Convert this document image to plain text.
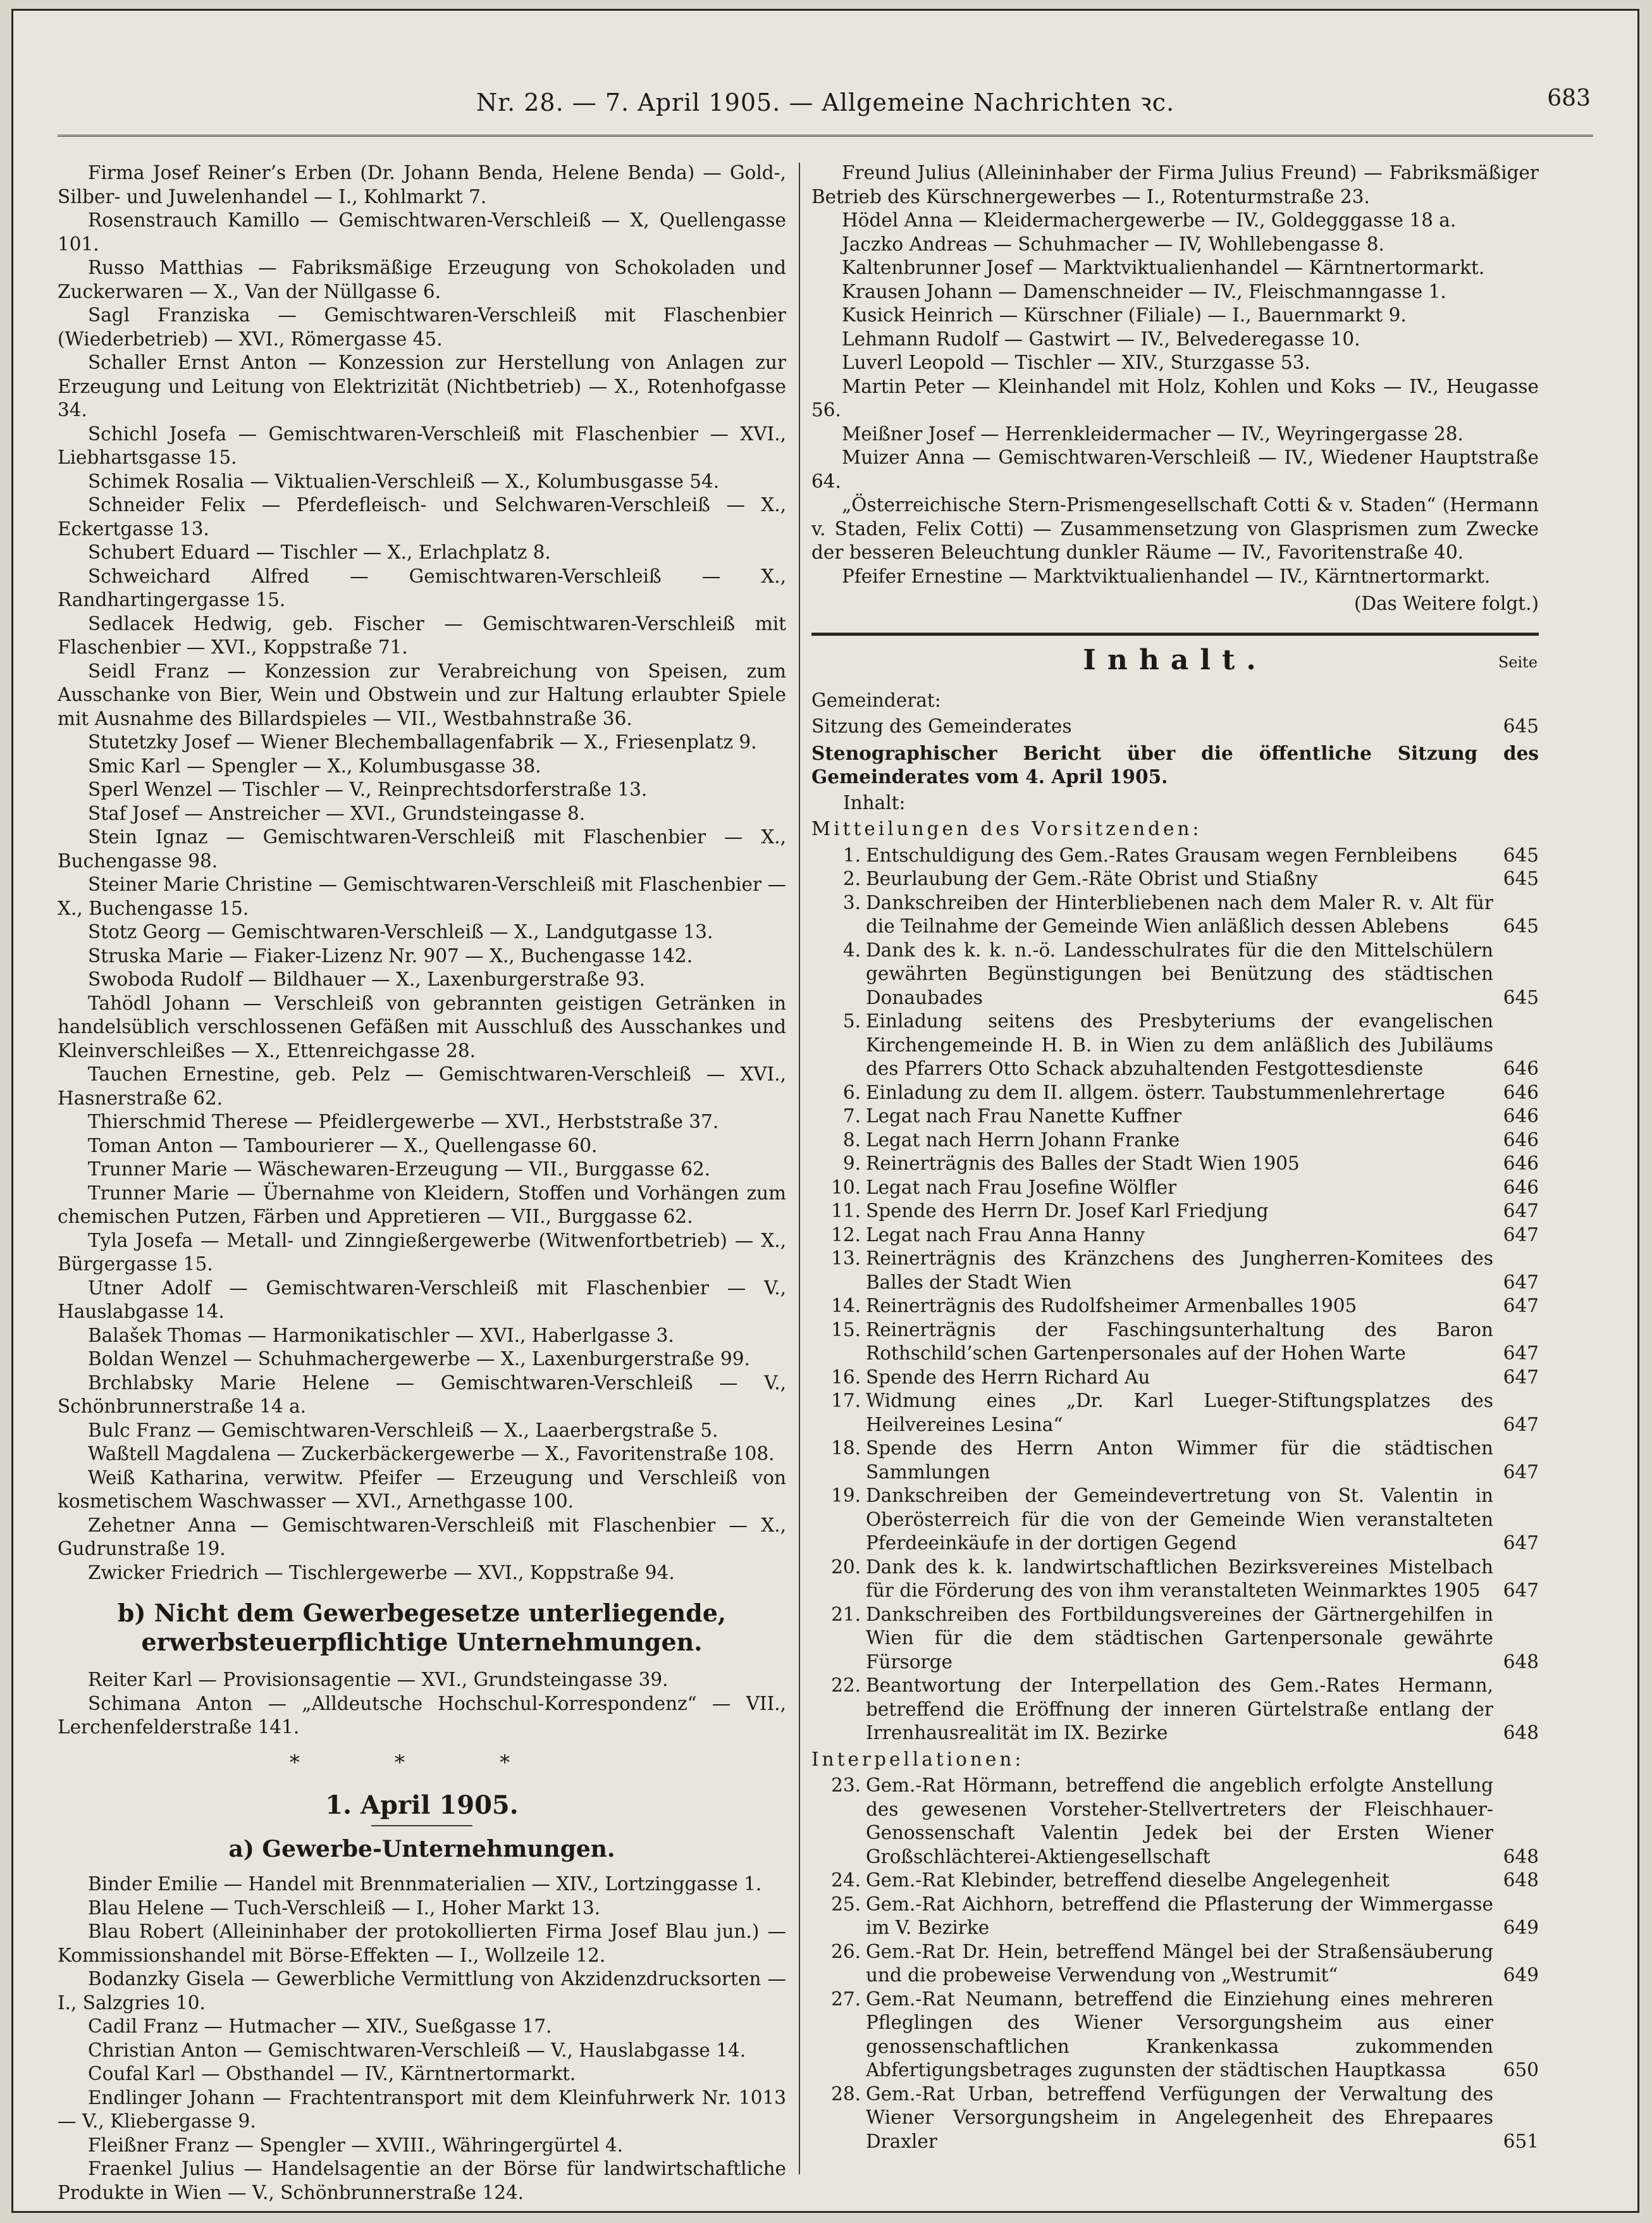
Nr. 28. — 7. April 1905. — Allgemeine Nachrichten ꝛc.	683

Firma Josef Reiner’s Erben (Dr. Johann Benda, Helene Benda) — Gold-, Silber- und Juwelenhandel — I., Kohlmarkt 7.

Rosenstrauch Kamillo — Gemischtwaren-Verschleiß — X, Quellengasse 101.

Russo Matthias — Fabriksmäßige Erzeugung von Schokoladen und Zuckerwaren — X., Van der Nüllgasse 6.

Sagl Franziska — Gemischtwaren-Verschleiß mit Flaschenbier (Wiederbetrieb) — XVI., Römergasse 45.

Schaller Ernst Anton — Konzession zur Herstellung von Anlagen zur Erzeugung und Leitung von Elektrizität (Nichtbetrieb) — X., Rotenhofgasse 34.

Schichl Josefa — Gemischtwaren-Verschleiß mit Flaschenbier — XVI., Liebhartsgasse 15.

Schimek Rosalia — Viktualien-Verschleiß — X., Kolumbusgasse 54.

Schneider Felix — Pferdefleisch- und Selchwaren-Verschleiß — X., Eckertgasse 13.

Schubert Eduard — Tischler — X., Erlachplatz 8.

Schweichard Alfred — Gemischtwaren-Verschleiß — X., Randhartingergasse 15.

Sedlacek Hedwig, geb. Fischer — Gemischtwaren-Verschleiß mit Flaschenbier — XVI., Koppstraße 71.

Seidl Franz — Konzession zur Verabreichung von Speisen, zum Ausschanke von Bier, Wein und Obstwein und zur Haltung erlaubter Spiele mit Ausnahme des Billardspieles — VII., Westbahnstraße 36.

Stutetzky Josef — Wiener Blechemballagenfabrik — X., Friesenplatz 9.

Smic Karl — Spengler — X., Kolumbusgasse 38.

Sperl Wenzel — Tischler — V., Reinprechtsdorferstraße 13.

Staf Josef — Anstreicher — XVI., Grundsteingasse 8.

Stein Ignaz — Gemischtwaren-Verschleiß mit Flaschenbier — X., Buchengasse 98.

Steiner Marie Christine — Gemischtwaren-Verschleiß mit Flaschenbier — X., Buchengasse 15.

Stotz Georg — Gemischtwaren-Verschleiß — X., Landgutgasse 13.

Struska Marie — Fiaker-Lizenz Nr. 907 — X., Buchengasse 142.

Swoboda Rudolf — Bildhauer — X., Laxenburgerstraße 93.

Tahödl Johann — Verschleiß von gebrannten geistigen Getränken in handelsüblich verschlossenen Gefäßen mit Ausschluß des Ausschankes und Kleinverschleißes — X., Ettenreichgasse 28.

Tauchen Ernestine, geb. Pelz — Gemischtwaren-Verschleiß — XVI., Hasnerstraße 62.

Thierschmid Therese — Pfeidlergewerbe — XVI., Herbststraße 37.

Toman Anton — Tambourierer — X., Quellengasse 60.

Trunner Marie — Wäschewaren-Erzeugung — VII., Burggasse 62.

Trunner Marie — Übernahme von Kleidern, Stoffen und Vorhängen zum chemischen Putzen, Färben und Appretieren — VII., Burggasse 62.

Tyla Josefa — Metall- und Zinngießergewerbe (Witwenfortbetrieb) — X., Bürgergasse 15.

Utner Adolf — Gemischtwaren-Verschleiß mit Flaschenbier — V., Hauslabgasse 14.

Balašek Thomas — Harmonikatischler — XVI., Haberlgasse 3.

Boldan Wenzel — Schuhmachergewerbe — X., Laxenburgerstraße 99.

Brchlabsky Marie Helene — Gemischtwaren-Verschleiß — V., Schönbrunnerstraße 14 a.

Bulc Franz — Gemischtwaren-Verschleiß — X., Laaerbergstraße 5.

Waßtell Magdalena — Zuckerbäckergewerbe — X., Favoritenstraße 108.

Weiß Katharina, verwitw. Pfeifer — Erzeugung und Verschleiß von kosmetischem Waschwasser — XVI., Arnethgasse 100.

Zehetner Anna — Gemischtwaren-Verschleiß mit Flaschenbier — X., Gudrunstraße 19.

Zwicker Friedrich — Tischlergewerbe — XVI., Koppstraße 94.

b) Nicht dem Gewerbegesetze unterliegende, erwerbsteuerpflichtige Unternehmungen.

Reiter Karl — Provisionsagentie — XVI., Grundsteingasse 39.

Schimana Anton — „Alldeutsche Hochschul-Korrespondenz“ — VII., Lerchenfelderstraße 141.

* * *
1. April 1905.
a) Gewerbe-Unternehmungen.

Binder Emilie — Handel mit Brennmaterialien — XIV., Lortzinggasse 1.

Blau Helene — Tuch-Verschleiß — I., Hoher Markt 13.

Blau Robert (Alleininhaber der protokollierten Firma Josef Blau jun.) — Kommissionshandel mit Börse-Effekten — I., Wollzeile 12.

Bodanzky Gisela — Gewerbliche Vermittlung von Akzidenzdrucksorten — I., Salzgries 10.

Cadil Franz — Hutmacher — XIV., Sueßgasse 17.

Christian Anton — Gemischtwaren-Verschleiß — V., Hauslabgasse 14.

Coufal Karl — Obsthandel — IV., Kärntnertormarkt.

Endlinger Johann — Frachtentransport mit dem Kleinfuhrwerk Nr. 1013 — V., Kliebergasse 9.

Fleißner Franz — Spengler — XVIII., Währingergürtel 4.

Fraenkel Julius — Handelsagentie an der Börse für landwirtschaftliche Produkte in Wien — V., Schönbrunnerstraße 124.

Freund Julius (Alleininhaber der Firma Julius Freund) — Fabriksmäßiger Betrieb des Kürschnergewerbes — I., Rotenturmstraße 23.

Hödel Anna — Kleidermachergewerbe — IV., Goldegggasse 18 a.

Jaczko Andreas — Schuhmacher — IV, Wohllebengasse 8.

Kaltenbrunner Josef — Marktviktualienhandel — Kärntnertormarkt.

Krausen Johann — Damenschneider — IV., Fleischmanngasse 1.

Kusick Heinrich — Kürschner (Filiale) — I., Bauernmarkt 9.

Lehmann Rudolf — Gastwirt — IV., Belvederegasse 10.

Luverl Leopold — Tischler — XIV., Sturzgasse 53.

Martin Peter — Kleinhandel mit Holz, Kohlen und Koks — IV., Heugasse 56.

Meißner Josef — Herrenkleidermacher — IV., Weyringergasse 28.

Muizer Anna — Gemischtwaren-Verschleiß — IV., Wiedener Hauptstraße 64.

„Österreichische Stern-Prismengesellschaft Cotti & v. Staden“ (Hermann v. Staden, Felix Cotti) — Zusammensetzung von Glasprismen zum Zwecke der besseren Beleuchtung dunkler Räume — IV., Favoritenstraße 40.

Pfeifer Ernestine — Marktviktualienhandel — IV., Kärntnertormarkt.

(Das Weitere folgt.)
Inhalt.	Seite
Gemeinderat:
Sitzung des Gemeinderates	645
Stenographischer Bericht über die öffentliche Sitzung des Gemeinderates vom 4. April 1905.
Inhalt:
Mitteilungen des Vorsitzenden:
1. Entschuldigung des Gem.-Rates Grausam wegen Fernbleibens	645
2. Beurlaubung der Gem.-Räte Obrist und Stiaßny	645
3. Dankschreiben der Hinterbliebenen nach dem Maler R. v. Alt für die Teilnahme der Gemeinde Wien anläßlich dessen Ablebens	645
4. Dank des k. k. n.-ö. Landesschulrates für die den Mittelschülern gewährten Begünstigungen bei Benützung des städtischen Donaubades	645
5. Einladung seitens des Presbyteriums der evangelischen Kirchengemeinde H. B. in Wien zu dem anläßlich des Jubiläums des Pfarrers Otto Schack abzuhaltenden Festgottesdienste	646
6. Einladung zu dem II. allgem. österr. Taubstummenlehrertage	646
7. Legat nach Frau Nanette Kuffner	646
8. Legat nach Herrn Johann Franke	646
9. Reinerträgnis des Balles der Stadt Wien 1905	646
10. Legat nach Frau Josefine Wölfler	646
11. Spende des Herrn Dr. Josef Karl Friedjung	647
12. Legat nach Frau Anna Hanny	647
13. Reinerträgnis des Kränzchens des Jungherren-Komitees des Balles der Stadt Wien	647
14. Reinerträgnis des Rudolfsheimer Armenballes 1905	647
15. Reinerträgnis der Faschingsunterhaltung des Baron Rothschild’schen Gartenpersonales auf der Hohen Warte	647
16. Spende des Herrn Richard Au	647
17. Widmung eines „Dr. Karl Lueger-Stiftungsplatzes des Heilvereines Lesina“	647
18. Spende des Herrn Anton Wimmer für die städtischen Sammlungen	647
19. Dankschreiben der Gemeindevertretung von St. Valentin in Oberösterreich für die von der Gemeinde Wien veranstalteten Pferdeeinkäufe in der dortigen Gegend	647
20. Dank des k. k. landwirtschaftlichen Bezirksvereines Mistelbach für die Förderung des von ihm veranstalteten Weinmarktes 1905	647
21. Dankschreiben des Fortbildungsvereines der Gärtnergehilfen in Wien für die dem städtischen Gartenpersonale gewährte Fürsorge	648
22. Beantwortung der Interpellation des Gem.-Rates Hermann, betreffend die Eröffnung der inneren Gürtelstraße entlang der Irrenhausrealität im IX. Bezirke	648
Interpellationen:
23. Gem.-Rat Hörmann, betreffend die angeblich erfolgte Anstellung des gewesenen Vorsteher-Stellvertreters der Fleischhauer-Genossenschaft Valentin Jedek bei der Ersten Wiener Großschlächterei-Aktiengesellschaft	648
24. Gem.-Rat Klebinder, betreffend dieselbe Angelegenheit	648
25. Gem.-Rat Aichhorn, betreffend die Pflasterung der Wimmergasse im V. Bezirke	649
26. Gem.-Rat Dr. Hein, betreffend Mängel bei der Straßensäuberung und die probeweise Verwendung von „Westrumit“	649
27. Gem.-Rat Neumann, betreffend die Einziehung eines mehreren Pfleglingen des Wiener Versorgungsheim aus einer genossenschaftlichen Krankenkassa zukommenden Abfertigungsbetrages zugunsten der städtischen Hauptkassa	650
28. Gem.-Rat Urban, betreffend Verfügungen der Verwaltung des Wiener Versorgungsheim in Angelegenheit des Ehrepaares Draxler	651
